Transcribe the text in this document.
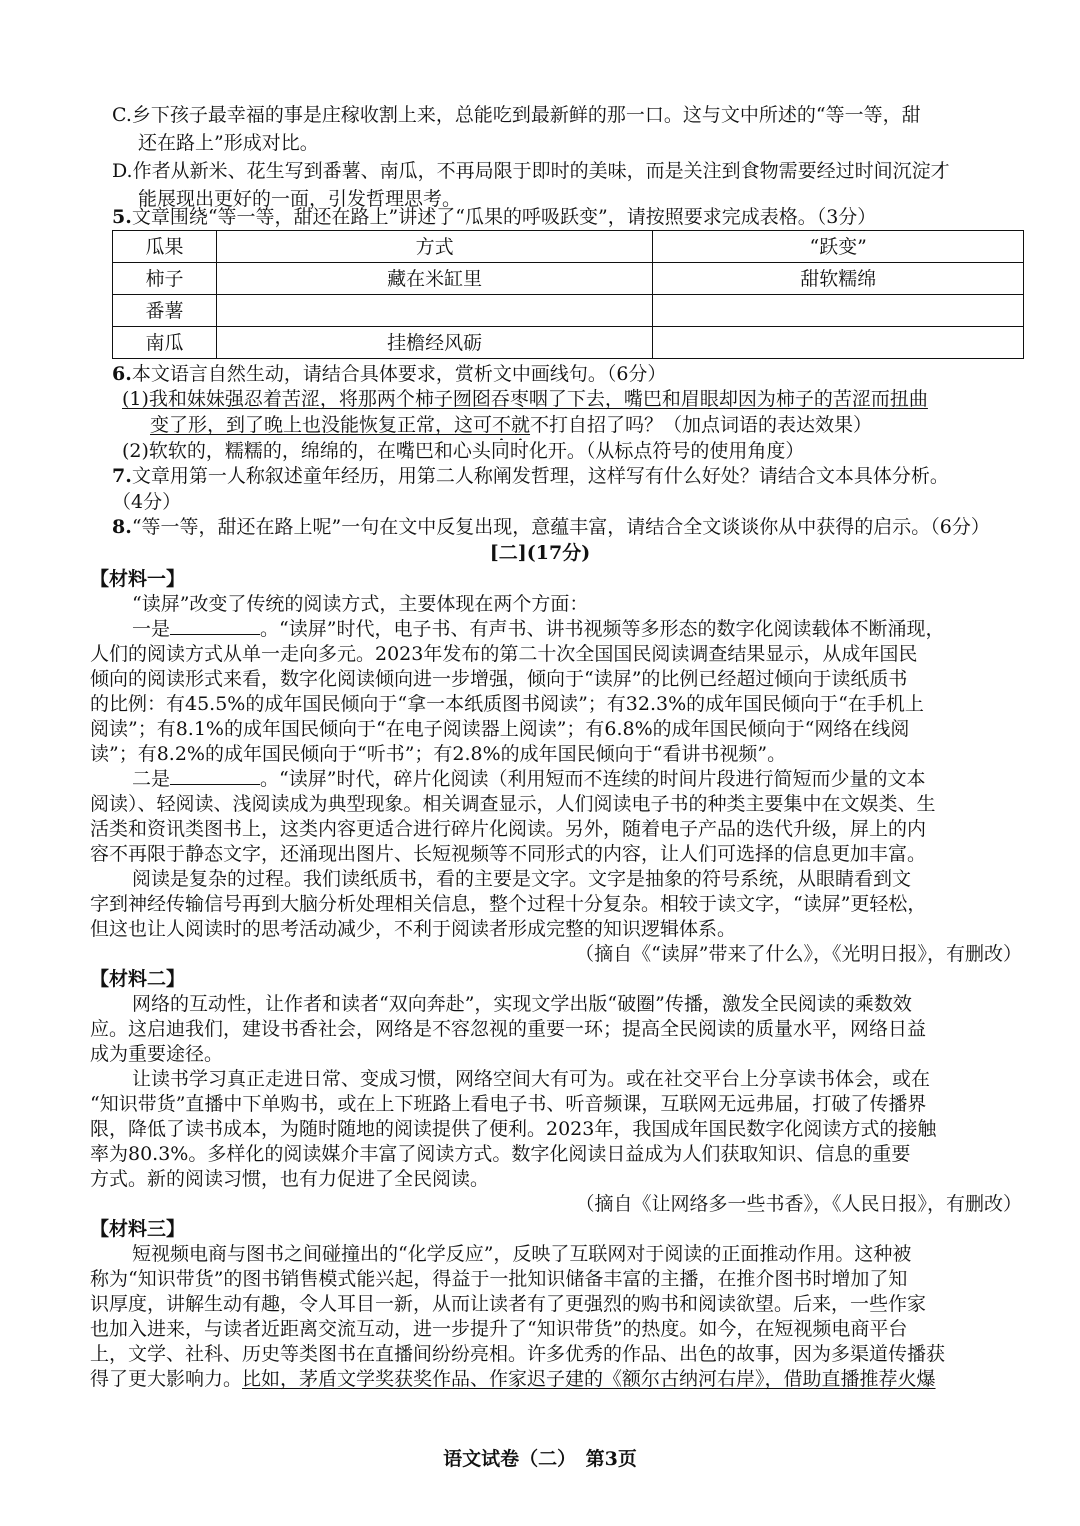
C.乡下孩子最幸福的事是庄稼收割上来，总能吃到最新鲜的那一口。这与文中所述的“等一等，甜
还在路上”形成对比。
D.作者从新米、花生写到番薯、南瓜，不再局限于即时的美味，而是关注到食物需要经过时间沉淀才
能展现出更好的一面，引发哲理思考。
5.文章围绕“等一等，甜还在路上”讲述了“瓜果的呼吸跃变”，请按照要求完成表格。（3分）
瓜果	方式	“跃变”
柿子	藏在米缸里	甜软糯绵
番薯		
南瓜	挂檐经风砺	
6.本文语言自然生动，请结合具体要求，赏析文中画线句。（6分）
(1)我和妹妹强忍着苦涩，将那两个柿子囫囵吞枣咽了下去，嘴巴和眉眼却因为柿子的苦涩而扭曲
变了形，到了晚上也没能恢复正常，这可不就不打自招了吗？（加点词语的表达效果）
(2)软软的，糯糯的，绵绵的，在嘴巴和心头同时化开。（从标点符号的使用角度）
7.文章用第一人称叙述童年经历，用第二人称阐发哲理，这样写有什么好处？请结合文本具体分析。
（4分）
8.“等一等，甜还在路上呢”一句在文中反复出现，意蕴丰富，请结合全文谈谈你从中获得的启示。（6分）
[二](17分)
【材料一】
“读屏”改变了传统的阅读方式，主要体现在两个方面：
一是	。“读屏”时代，电子书、有声书、讲书视频等多形态的数字化阅读载体不断涌现，
人们的阅读方式从单一走向多元。2023年发布的第二十次全国国民阅读调查结果显示，从成年国民
倾向的阅读形式来看，数字化阅读倾向进一步增强，倾向于“读屏”的比例已经超过倾向于读纸质书
的比例：有45.5%的成年国民倾向于“拿一本纸质图书阅读”；有32.3%的成年国民倾向于“在手机上
阅读”；有8.1%的成年国民倾向于“在电子阅读器上阅读”；有6.8%的成年国民倾向于“网络在线阅
读”；有8.2%的成年国民倾向于“听书”；有2.8%的成年国民倾向于“看讲书视频”。
二是	。“读屏”时代，碎片化阅读（利用短而不连续的时间片段进行简短而少量的文本
阅读）、轻阅读、浅阅读成为典型现象。相关调查显示，人们阅读电子书的种类主要集中在文娱类、生
活类和资讯类图书上，这类内容更适合进行碎片化阅读。另外，随着电子产品的迭代升级，屏上的内
容不再限于静态文字，还涌现出图片、长短视频等不同形式的内容，让人们可选择的信息更加丰富。
阅读是复杂的过程。我们读纸质书，看的主要是文字。文字是抽象的符号系统，从眼睛看到文
字到神经传输信号再到大脑分析处理相关信息，整个过程十分复杂。相较于读文字，“读屏”更轻松，
但这也让人阅读时的思考活动减少，不利于阅读者形成完整的知识逻辑体系。
（摘自《“读屏”带来了什么》，《光明日报》，有删改）
【材料二】
网络的互动性，让作者和读者“双向奔赴”，实现文学出版“破圈”传播，激发全民阅读的乘数效
应。这启迪我们，建设书香社会，网络是不容忽视的重要一环；提高全民阅读的质量水平，网络日益
成为重要途径。
让读书学习真正走进日常、变成习惯，网络空间大有可为。或在社交平台上分享读书体会，或在
“知识带货”直播中下单购书，或在上下班路上看电子书、听音频课，互联网无远弗届，打破了传播界
限，降低了读书成本，为随时随地的阅读提供了便利。2023年，我国成年国民数字化阅读方式的接触
率为80.3%。多样化的阅读媒介丰富了阅读方式。数字化阅读日益成为人们获取知识、信息的重要
方式。新的阅读习惯，也有力促进了全民阅读。
（摘自《让网络多一些书香》，《人民日报》，有删改）
【材料三】
短视频电商与图书之间碰撞出的“化学反应”，反映了互联网对于阅读的正面推动作用。这种被
称为“知识带货”的图书销售模式能兴起，得益于一批知识储备丰富的主播，在推介图书时增加了知
识厚度，讲解生动有趣，令人耳目一新，从而让读者有了更强烈的购书和阅读欲望。后来，一些作家
也加入进来，与读者近距离交流互动，进一步提升了“知识带货”的热度。如今，在短视频电商平台
上，文学、社科、历史等类图书在直播间纷纷亮相。许多优秀的作品、出色的故事，因为多渠道传播获
得了更大影响力。比如，茅盾文学奖获奖作品、作家迟子建的《额尔古纳河右岸》，借助直播推荐火爆
语文试卷（二）　第3页
